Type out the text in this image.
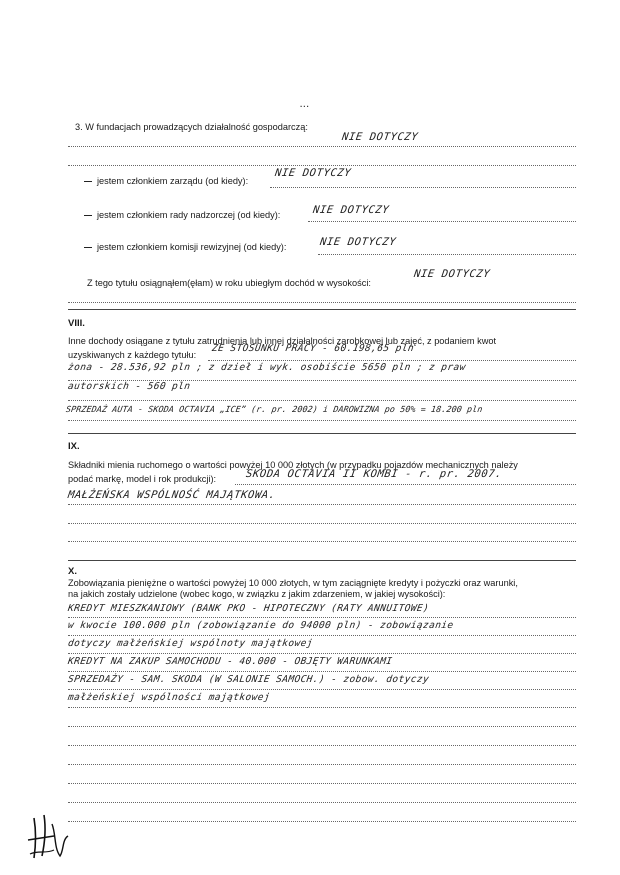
...
3. W fundacjach prowadzących działalność gospodarczą:
NIE DOTYCZY
jestem członkiem zarządu (od kiedy):
NIE DOTYCZY
jestem członkiem rady nadzorczej (od kiedy):	NIE DOTYCZY
jestem członkiem komisji rewizyjnej (od kiedy):	NIE DOTYCZY
Z tego tytułu osiągnąłem(ęłam) w roku ubiegłym dochód w wysokości:
NIE DOTYCZY
VIII.
Inne dochody osiągane z tytułu zatrudnienia lub innej działalności zarobkowej lub zajęć, z podaniem kwot
uzyskiwanych z każdego tytułu:
ZE STOSUNKU PRACY - 60.198,65 pln
żona - 28.536,92 pln ; z dzieł i wyk. osobiście 5650 pln ; z praw
autorskich - 560 pln
SPRZEDAŻ AUTA - SKODA OCTAVIA „ICE” (r. pr. 2002) i DAROWIZNA po 50% = 18.200 pln
IX.
Składniki mienia ruchomego o wartości powyżej 10 000 złotych (w przypadku pojazdów mechanicznych należy
podać markę, model i rok produkcji):	SKODA OCTAVIA II KOMBI - r. pr. 2007.
MAŁŻEŃSKA WSPÓLNOŚĆ MAJĄTKOWA.
X.
Zobowiązania pieniężne o wartości powyżej 10 000 złotych, w tym zaciągnięte kredyty i pożyczki oraz warunki,
na jakich zostały udzielone (wobec kogo, w związku z jakim zdarzeniem, w jakiej wysokości):
KREDYT MIESZKANIOWY (BANK PKO - HIPOTECZNY (RATY ANNUITOWE)
w kwocie 100.000 pln (zobowiązanie do 94000 pln) - zobowiązanie
dotyczy małżeńskiej wspólnoty majątkowej
KREDYT NA ZAKUP SAMOCHODU - 40.000 - OBJĘTY WARUNKAMI
SPRZEDAŻY - SAM. SKODA (W SALONIE SAMOCH.) - zobow. dotyczy
małżeńskiej wspólności majątkowej
